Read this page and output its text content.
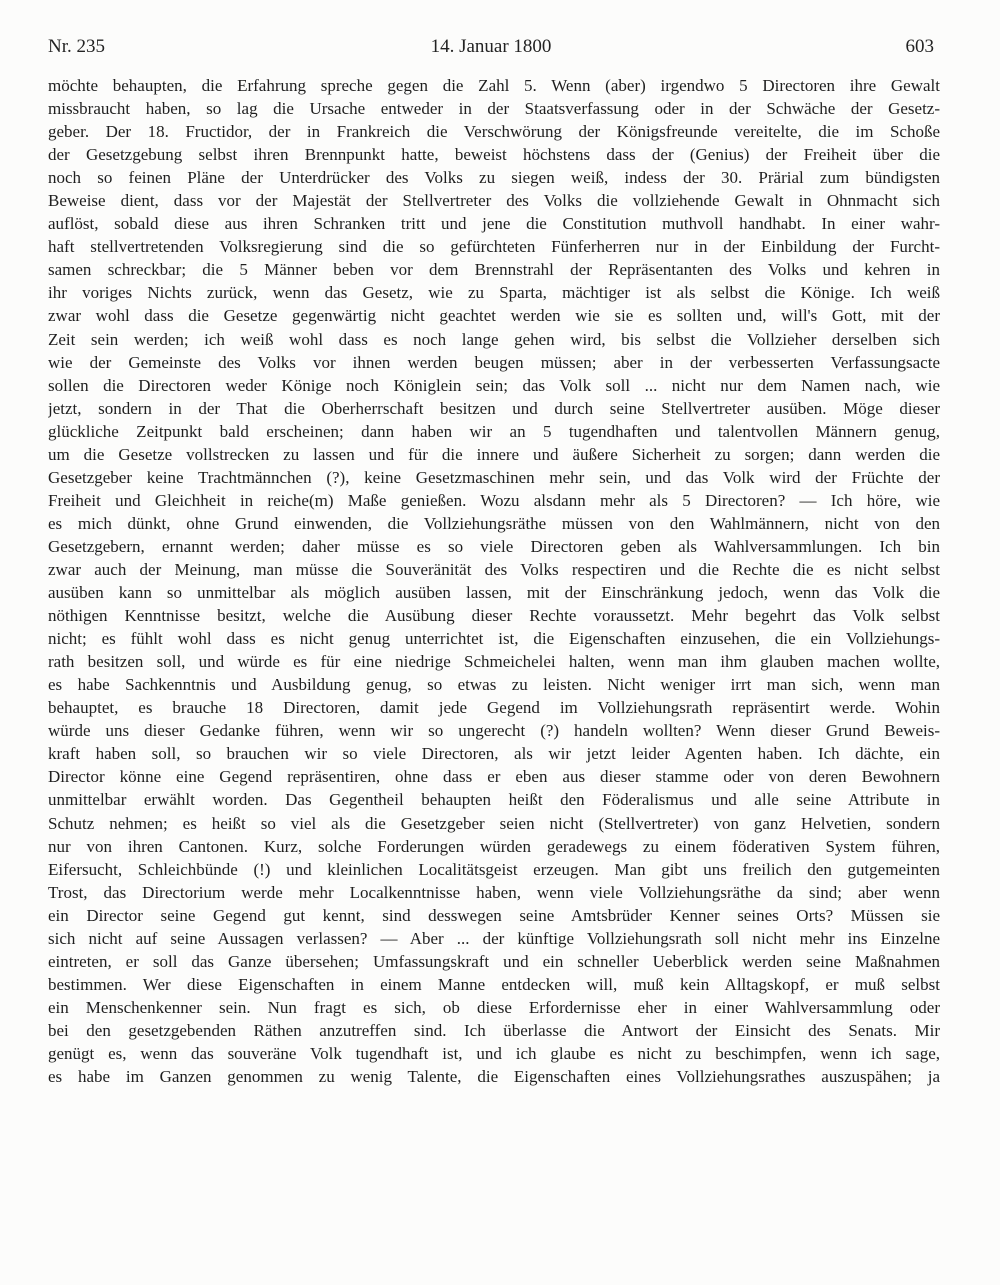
Nr. 235	14. Januar 1800	603
möchte behaupten, die Erfahrung spreche gegen die Zahl 5. Wenn (aber) irgendwo 5 Directoren ihre Gewalt
missbraucht haben, so lag die Ursache entweder in der Staatsverfassung oder in der Schwäche der Gesetz-
geber. Der 18. Fructidor, der in Frankreich die Verschwörung der Königsfreunde vereitelte, die im Schoße
der Gesetzgebung selbst ihren Brennpunkt hatte, beweist höchstens dass der (Genius) der Freiheit über die
noch so feinen Pläne der Unterdrücker des Volks zu siegen weiß, indess der 30. Prärial zum bündigsten
Beweise dient, dass vor der Majestät der Stellvertreter des Volks die vollziehende Gewalt in Ohnmacht sich
auflöst, sobald diese aus ihren Schranken tritt und jene die Constitution muthvoll handhabt. In einer wahr-
haft stellvertretenden Volksregierung sind die so gefürchteten Fünferherren nur in der Einbildung der Furcht-
samen schreckbar; die 5 Männer beben vor dem Brennstrahl der Repräsentanten des Volks und kehren in
ihr voriges Nichts zurück, wenn das Gesetz, wie zu Sparta, mächtiger ist als selbst die Könige. Ich weiß
zwar wohl dass die Gesetze gegenwärtig nicht geachtet werden wie sie es sollten und, will's Gott, mit der
Zeit sein werden; ich weiß wohl dass es noch lange gehen wird, bis selbst die Vollzieher derselben sich
wie der Gemeinste des Volks vor ihnen werden beugen müssen; aber in der verbesserten Verfassungsacte
sollen die Directoren weder Könige noch Königlein sein; das Volk soll ... nicht nur dem Namen nach, wie
jetzt, sondern in der That die Oberherrschaft besitzen und durch seine Stellvertreter ausüben. Möge dieser
glückliche Zeitpunkt bald erscheinen; dann haben wir an 5 tugendhaften und talentvollen Männern genug,
um die Gesetze vollstrecken zu lassen und für die innere und äußere Sicherheit zu sorgen; dann werden die
Gesetzgeber keine Trachtmännchen (?), keine Gesetzmaschinen mehr sein, und das Volk wird der Früchte der
Freiheit und Gleichheit in reiche(m) Maße genießen. Wozu alsdann mehr als 5 Directoren? — Ich höre, wie
es mich dünkt, ohne Grund einwenden, die Vollziehungsräthe müssen von den Wahlmännern, nicht von den
Gesetzgebern, ernannt werden; daher müsse es so viele Directoren geben als Wahlversammlungen. Ich bin
zwar auch der Meinung, man müsse die Souveränität des Volks respectiren und die Rechte die es nicht selbst
ausüben kann so unmittelbar als möglich ausüben lassen, mit der Einschränkung jedoch, wenn das Volk die
nöthigen Kenntnisse besitzt, welche die Ausübung dieser Rechte voraussetzt. Mehr begehrt das Volk selbst
nicht; es fühlt wohl dass es nicht genug unterrichtet ist, die Eigenschaften einzusehen, die ein Vollziehungs-
rath besitzen soll, und würde es für eine niedrige Schmeichelei halten, wenn man ihm glauben machen wollte,
es habe Sachkenntnis und Ausbildung genug, so etwas zu leisten. Nicht weniger irrt man sich, wenn man
behauptet, es brauche 18 Directoren, damit jede Gegend im Vollziehungsrath repräsentirt werde. Wohin
würde uns dieser Gedanke führen, wenn wir so ungerecht (?) handeln wollten? Wenn dieser Grund Beweis-
kraft haben soll, so brauchen wir so viele Directoren, als wir jetzt leider Agenten haben. Ich dächte, ein
Director könne eine Gegend repräsentiren, ohne dass er eben aus dieser stamme oder von deren Bewohnern
unmittelbar erwählt worden. Das Gegentheil behaupten heißt den Föderalismus und alle seine Attribute in
Schutz nehmen; es heißt so viel als die Gesetzgeber seien nicht (Stellvertreter) von ganz Helvetien, sondern
nur von ihren Cantonen. Kurz, solche Forderungen würden geradewegs zu einem föderativen System führen,
Eifersucht, Schleichbünde (!) und kleinlichen Localitätsgeist erzeugen. Man gibt uns freilich den gutgemeinten
Trost, das Directorium werde mehr Localkenntnisse haben, wenn viele Vollziehungsräthe da sind; aber wenn
ein Director seine Gegend gut kennt, sind desswegen seine Amtsbrüder Kenner seines Orts? Müssen sie
sich nicht auf seine Aussagen verlassen? — Aber ... der künftige Vollziehungsrath soll nicht mehr ins Einzelne
eintreten, er soll das Ganze übersehen; Umfassungskraft und ein schneller Ueberblick werden seine Maßnahmen
bestimmen. Wer diese Eigenschaften in einem Manne entdecken will, muß kein Alltagskopf, er muß selbst
ein Menschenkenner sein. Nun fragt es sich, ob diese Erfordernisse eher in einer Wahlversammlung oder
bei den gesetzgebenden Räthen anzutreffen sind. Ich überlasse die Antwort der Einsicht des Senats. Mir
genügt es, wenn das souveräne Volk tugendhaft ist, und ich glaube es nicht zu beschimpfen, wenn ich sage,
es habe im Ganzen genommen zu wenig Talente, die Eigenschaften eines Vollziehungsrathes auszuspähen; ja
